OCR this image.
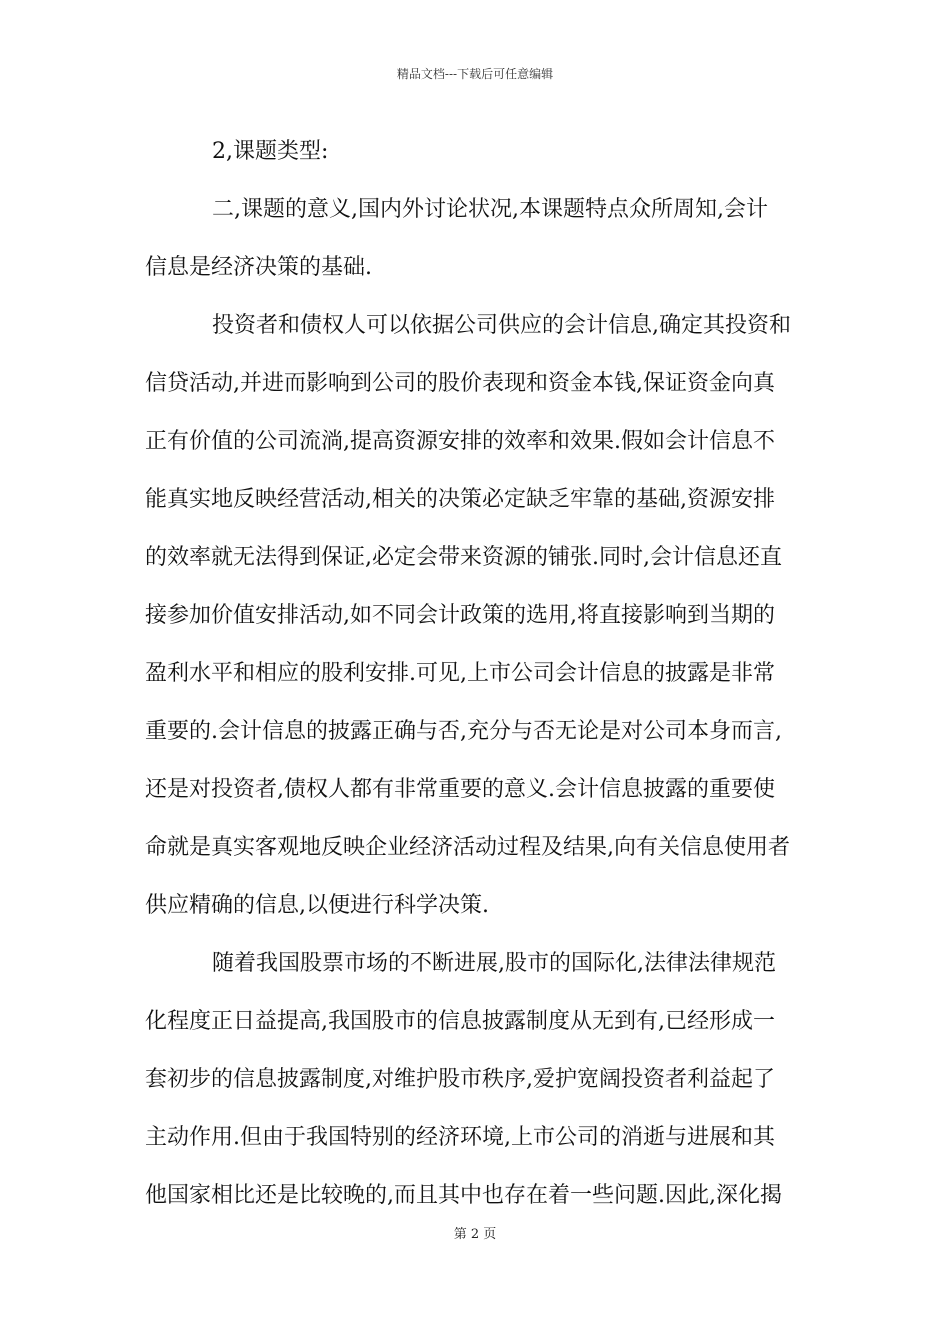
精品文档---下载后可任意编辑
2,课题类型:
二,课题的意义,国内外讨论状况,本课题特点众所周知,会计
信息是经济决策的基础.
投资者和债权人可以依据公司供应的会计信息,确定其投资和
信贷活动,并进而影响到公司的股价表现和资金本钱,保证资金向真
正有价值的公司流淌,提高资源安排的效率和效果.假如会计信息不
能真实地反映经营活动,相关的决策必定缺乏牢靠的基础,资源安排
的效率就无法得到保证,必定会带来资源的铺张.同时,会计信息还直
接参加价值安排活动,如不同会计政策的选用,将直接影响到当期的
盈利水平和相应的股利安排.可见,上市公司会计信息的披露是非常
重要的.会计信息的披露正确与否,充分与否无论是对公司本身而言,
还是对投资者,债权人都有非常重要的意义.会计信息披露的重要使
命就是真实客观地反映企业经济活动过程及结果,向有关信息使用者
供应精确的信息,以便进行科学决策.
随着我国股票市场的不断进展,股市的国际化,法律法律规范
化程度正日益提高,我国股市的信息披露制度从无到有,已经形成一
套初步的信息披露制度,对维护股市秩序,爱护宽阔投资者利益起了
主动作用.但由于我国特别的经济环境,上市公司的消逝与进展和其
他国家相比还是比较晚的,而且其中也存在着一些问题.因此,深化揭
第 2 页
